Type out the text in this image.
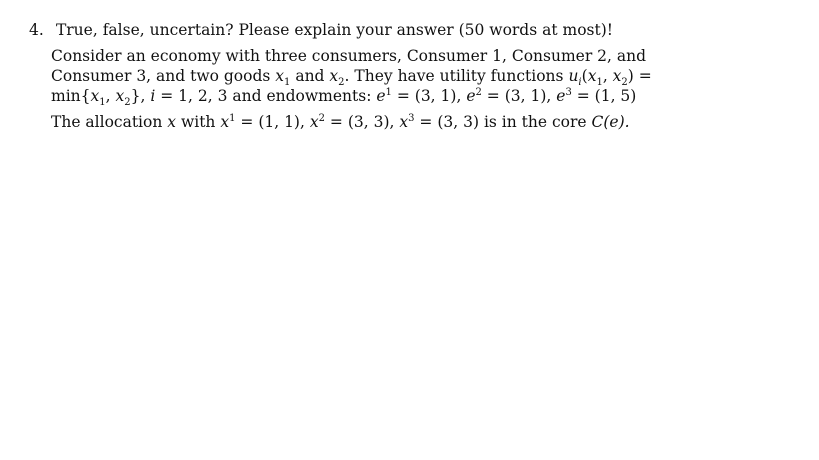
4. True, false, uncertain? Please explain your answer (50 words at most)!
Consider an economy with three consumers, Consumer 1, Consumer 2, and
Consumer 3, and two goods $x_1$ and $x_2$. They have utility functions $u_i(x_1$, $x_2$) =
$\min\{x_1$, $x_2$}, i = 1, 2, 3 and endowments: $e^1 = (3$, 1), $e^2 = (3$, 1), $e^3 = (1$, 5)
The allocation x with $x^1 = (1$, 1), $x^2 = (3$, 3), $x^3 = (3$, 3) is in the core C(e).
